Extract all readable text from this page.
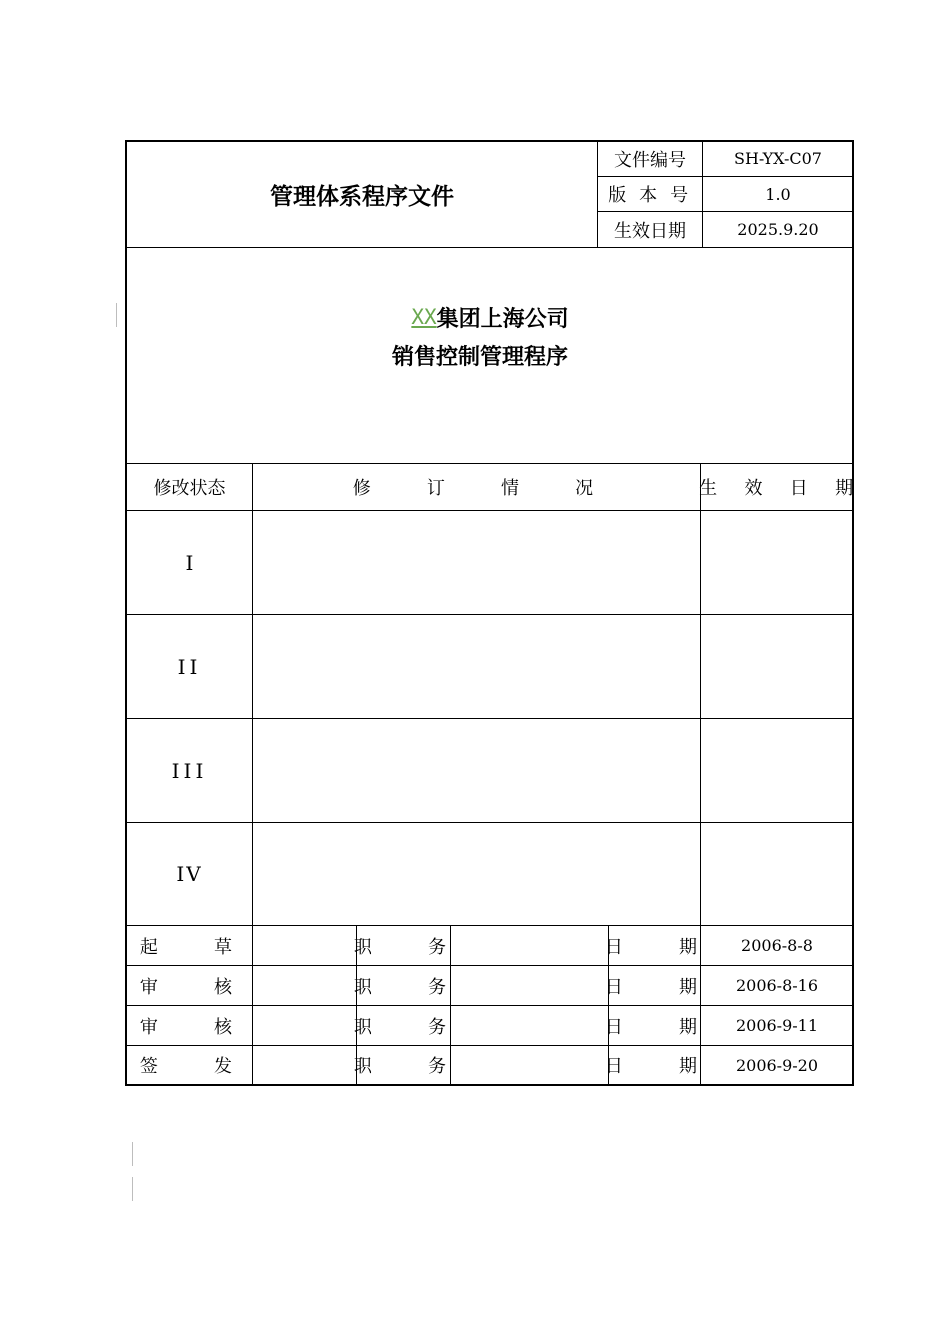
管理体系程序文件
文件编号	SH-YX-C07
版 本 号	1.0
生效日期	2025.9.20
XX 集团上海公司
销售控制管理程序
修改状态	修 订 情 况	生 效 日 期
I
II
III
IV
起 草	职 务	日 期	2006-8-8
审 核	职 务	日 期 2006-8-16
审 核	职 务	日 期 2006-9-11
签 发	职 务	日 期 2006-9-20
